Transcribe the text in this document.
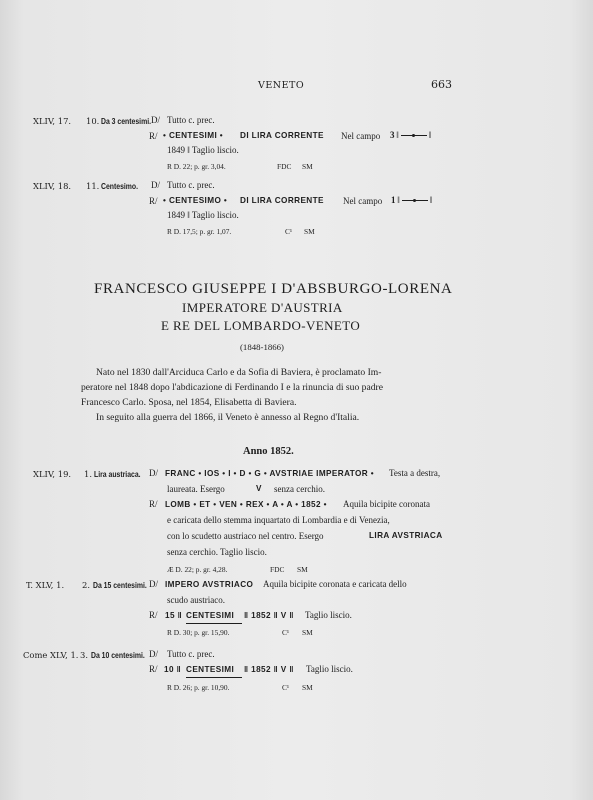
VENETO	663
XLIV, 17. 10. Da 3 centesimi. D/ Tutto c. prec.
R/ • CENTESIMI • DI LIRA CORRENTE Nel campo 3 ‖	‖
1849 ‖ Taglio liscio.
R D. 22; p. gr. 3,04.	FDC SM
XLIV, 18. 11. Centesimo. D/ Tutto c. prec.
R/ • CENTESIMO • DI LIRA CORRENTE Nel campo 1 ‖	‖
1849 ‖ Taglio liscio.
R D. 17,5; p. gr. 1,07.	C¹ SM
FRANCESCO GIUSEPPE I D'ABSBURGO-LORENA
IMPERATORE D'AUSTRIA
E RE DEL LOMBARDO-VENETO
(1848-1866)
Nato nel 1830 dall'Arciduca Carlo e da Sofia di Baviera, è proclamato Im-
peratore nel 1848 dopo l'abdicazione di Ferdinando I e la rinuncia di suo padre
Francesco Carlo. Sposa, nel 1854, Elisabetta di Baviera.
In seguito alla guerra del 1866, il Veneto è annesso al Regno d'Italia.
Anno 1852.
XLIV, 19. 1. Lira austriaca. D/ FRANC • IOS • I • D • G • AVSTRIAE IMPERATOR • Testa a destra,
laureata. Esergo	V senza cerchio.
R/ LOMB • ET • VEN • REX • A • A • 1852 • Aquila bicipite coronata
e caricata dello stemma inquartato di Lombardia e di Venezia,
con lo scudetto austriaco nel centro. Esergo	LIRA AVSTRIACA
senza cerchio. Taglio liscio.
Æ D. 22; p. gr. 4,28.	FDC SM
T. XLV, 1. 2. Da 15 centesimi. D/ IMPERO AVSTRIACO Aquila bicipite coronata e caricata dello
scudo austriaco.
R/ 15 ‖ CENTESIMI ‖ 1852 ‖ V ‖ Taglio liscio.
R D. 30; p. gr. 15,90.	C¹ SM
Come XLV, 1. 3. Da 10 centesimi. D/ Tutto c. prec.
R/ 10 ‖ CENTESIMI ‖ 1852 ‖ V ‖ Taglio liscio.
R D. 26; p. gr. 10,90.	C¹ SM
